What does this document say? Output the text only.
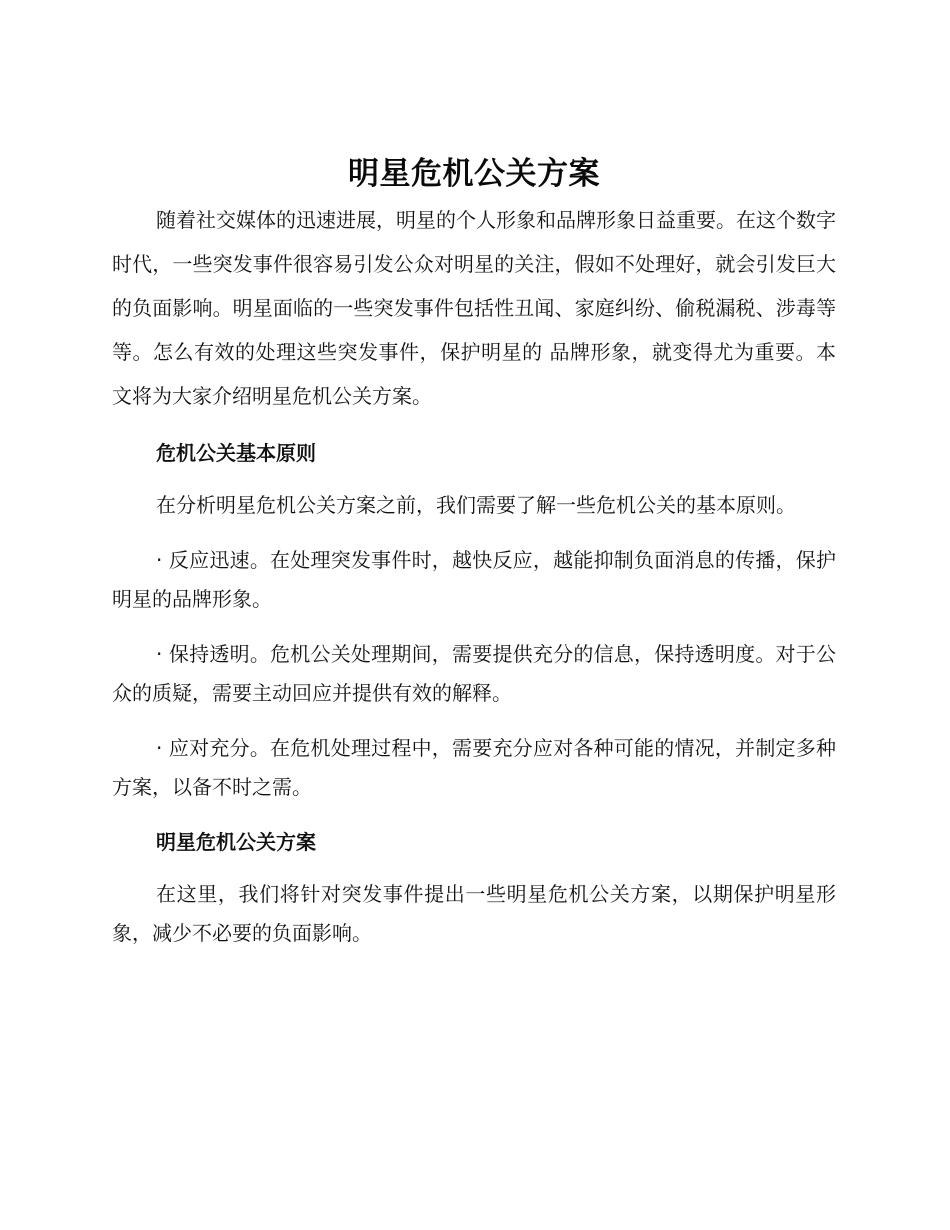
明星危机公关方案

随着社交媒体的迅速进展，明星的个人形象和品牌形象日益重要。在这个数字时代，一些突发事件很容易引发公众对明星的关注，假如不处理好，就会引发巨大的负面影响。明星面临的一些突发事件包括性丑闻、家庭纠纷、偷税漏税、涉毒等等。怎么有效的处理这些突发事件，保护明星的 品牌形象，就变得尤为重要。本文将为大家介绍明星危机公关方案。

危机公关基本原则

在分析明星危机公关方案之前，我们需要了解一些危机公关的基本原则。

· 反应迅速。在处理突发事件时，越快反应，越能抑制负面消息的传播，保护明星的品牌形象。

· 保持透明。危机公关处理期间，需要提供充分的信息，保持透明度。对于公众的质疑，需要主动回应并提供有效的解释。

· 应对充分。在危机处理过程中，需要充分应对各种可能的情况，并制定多种方案，以备不时之需。

明星危机公关方案

在这里，我们将针对突发事件提出一些明星危机公关方案，以期保护明星形象，减少不必要的负面影响。
